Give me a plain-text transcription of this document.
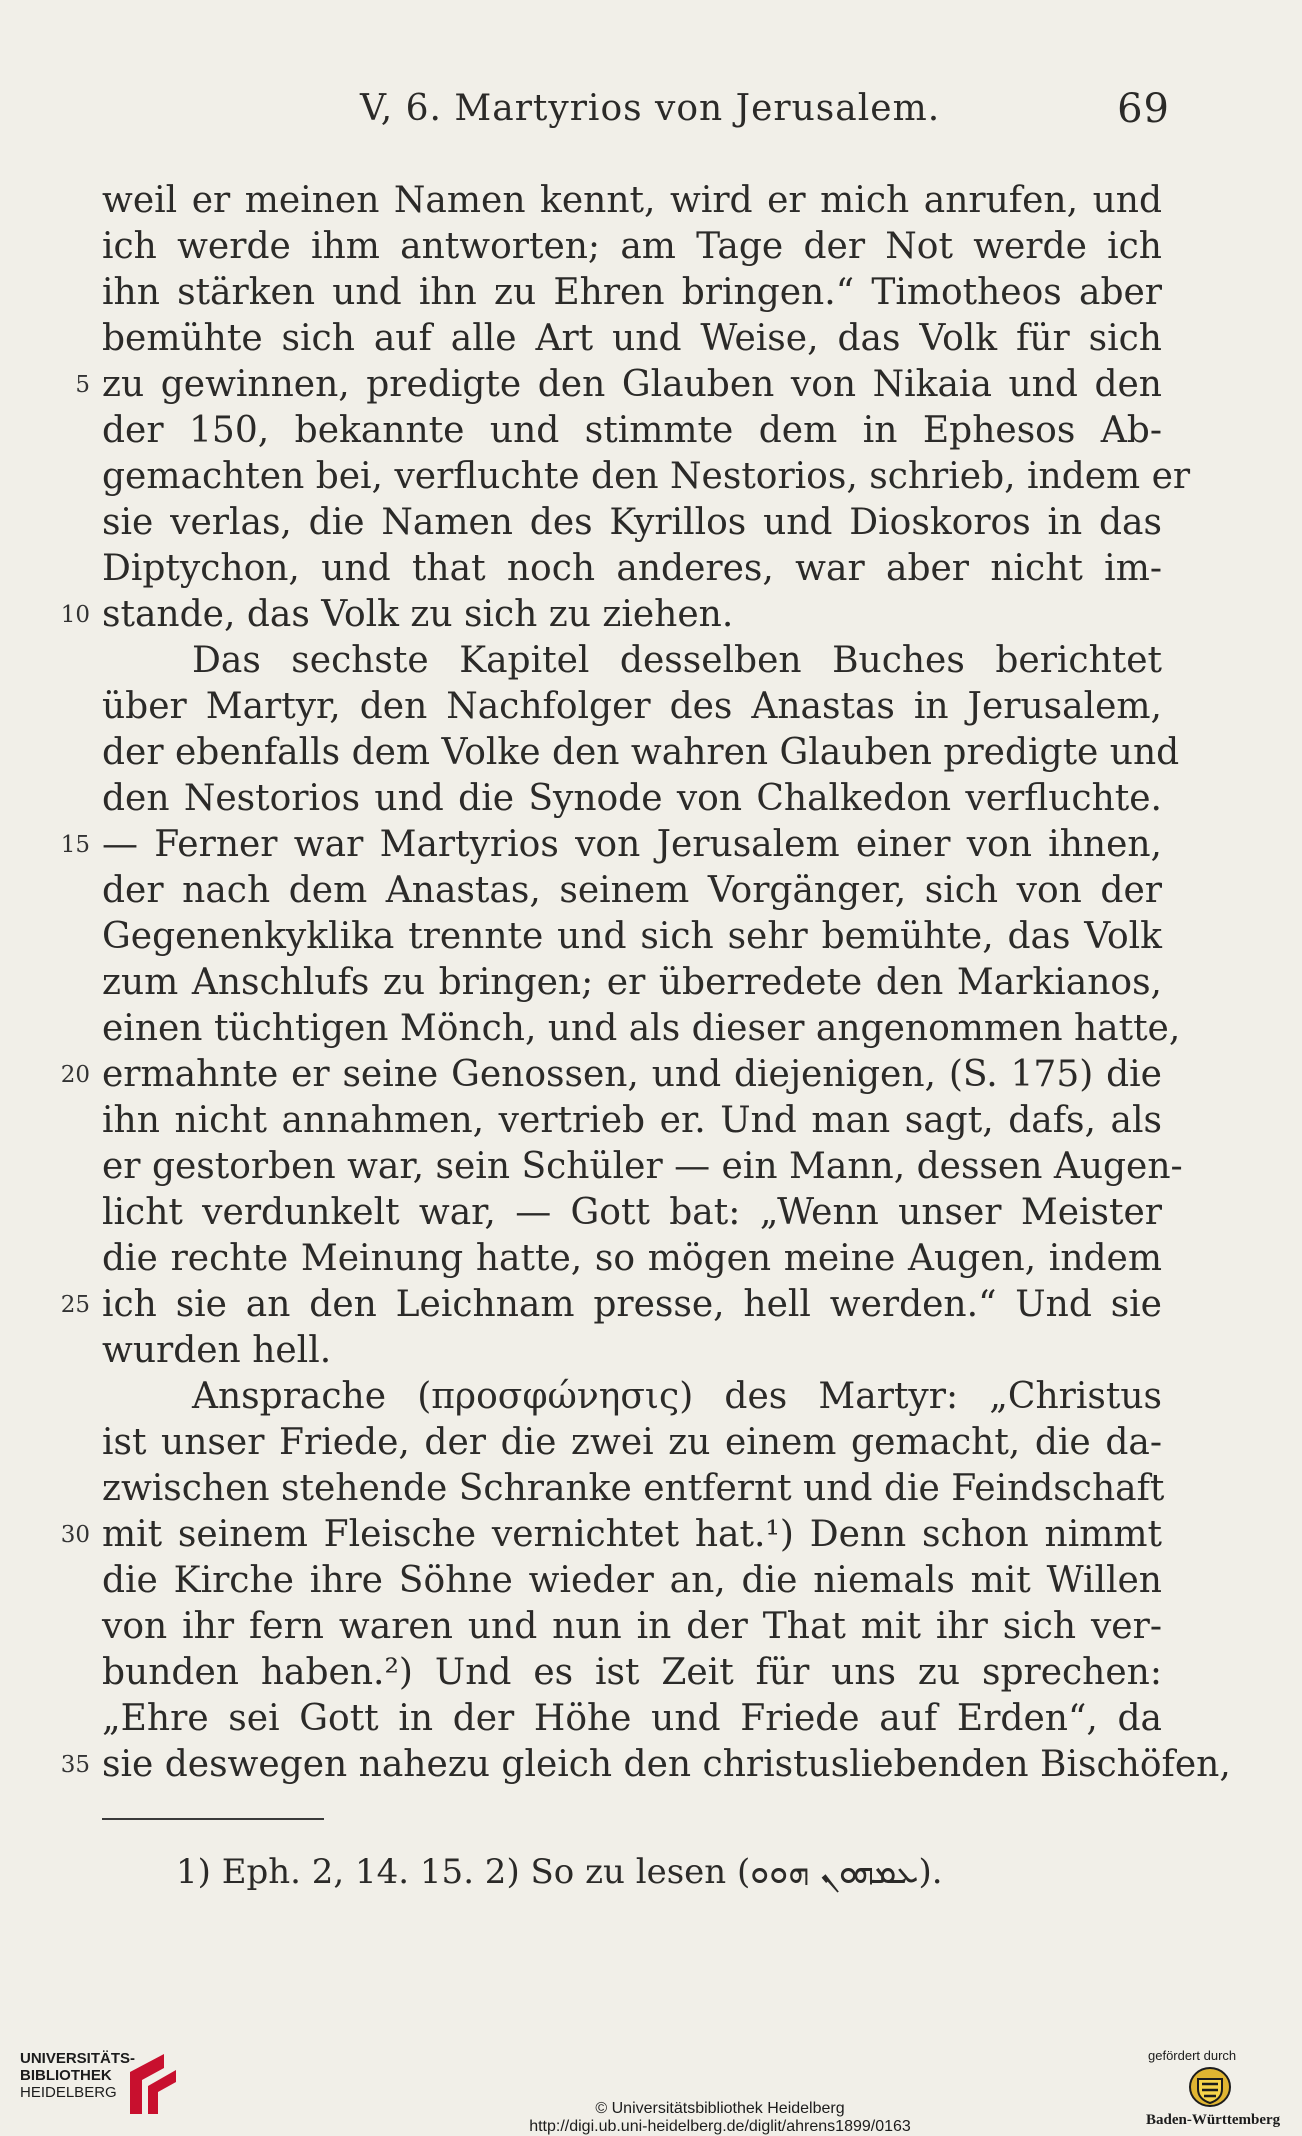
V, 6. Martyrios von Jerusalem.	69
weil er meinen Namen kennt, wird er mich anrufen, und
ich werde ihm antworten; am Tage der Not werde ich
ihn stärken und ihn zu Ehren bringen.“ Timotheos aber
bemühte sich auf alle Art und Weise, das Volk für sich
zu gewinnen, predigte den Glauben von Nikaia und den
der 150, bekannte und stimmte dem in Ephesos Ab-
gemachten bei, verfluchte den Nestorios, schrieb, indem er
sie verlas, die Namen des Kyrillos und Dioskoros in das
Diptychon, und that noch anderes, war aber nicht im-
stande, das Volk zu sich zu ziehen.
Das sechste Kapitel desselben Buches berichtet
über Martyr, den Nachfolger des Anastas in Jerusalem,
der ebenfalls dem Volke den wahren Glauben predigte und
den Nestorios und die Synode von Chalkedon verfluchte.
— Ferner war Martyrios von Jerusalem einer von ihnen,
der nach dem Anastas, seinem Vorgänger, sich von der
Gegenenkyklika trennte und sich sehr bemühte, das Volk
zum Anschlufs zu bringen; er überredete den Markianos,
einen tüchtigen Mönch, und als dieser angenommen hatte,
ermahnte er seine Genossen, und diejenigen, (S. 175) die
ihn nicht annahmen, vertrieb er. Und man sagt, dafs, als
er gestorben war, sein Schüler — ein Mann, dessen Augen-
licht verdunkelt war, — Gott bat: „Wenn unser Meister
die rechte Meinung hatte, so mögen meine Augen, indem
ich sie an den Leichnam presse, hell werden.“ Und sie
wurden hell.
Ansprache (προσφώνησις) des Martyr: „Christus
ist unser Friede, der die zwei zu einem gemacht, die da-
zwischen stehende Schranke entfernt und die Feindschaft
mit seinem Fleische vernichtet hat.¹) Denn schon nimmt
die Kirche ihre Söhne wieder an, die niemals mit Willen
von ihr fern waren und nun in der That mit ihr sich ver-
bunden haben.²) Und es ist Zeit für uns zu sprechen:
„Ehre sei Gott in der Höhe und Friede auf Erden“, da
sie deswegen nahezu gleich den christusliebenden Bischöfen,
5
10
15
20
25
30
35
1) Eph. 2, 14. 15. 2) So zu lesen (ܥܡܗܘܢ ܗܘܘ).
UNIVERSITÄTS-
BIBLIOTHEK
HEIDELBERG
© Universitätsbibliothek Heidelberg
http://digi.ub.uni-heidelberg.de/diglit/ahrens1899/0163
gefördert durch
Baden-Württemberg
